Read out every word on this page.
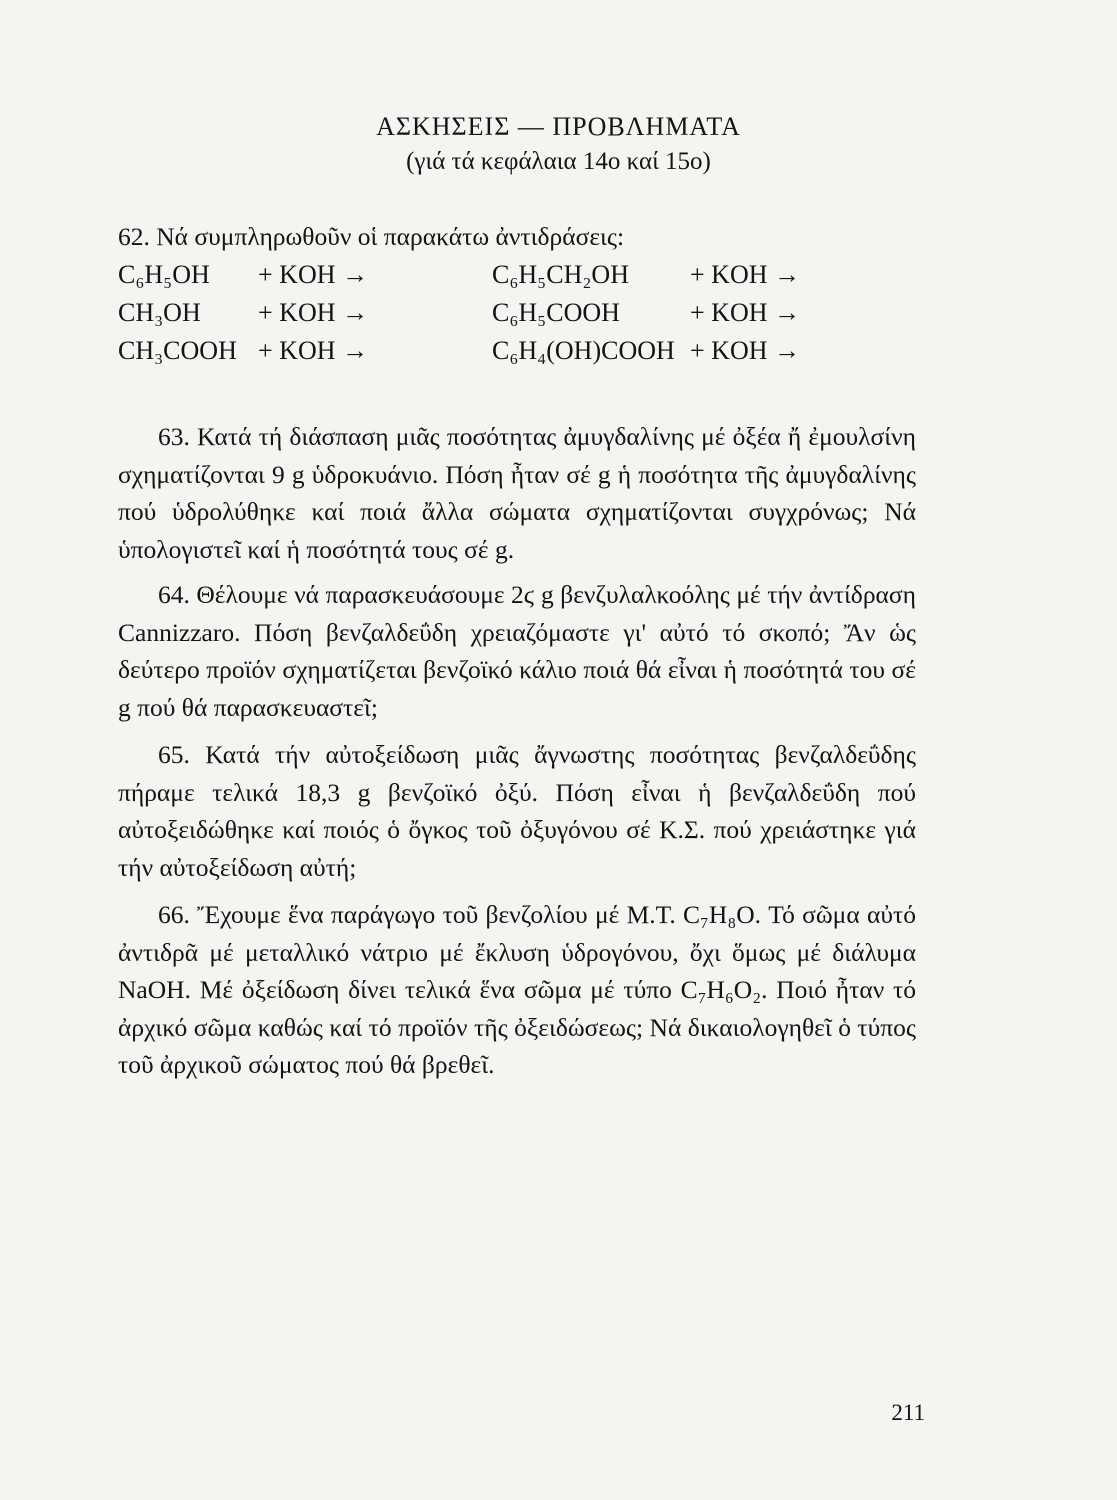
ΑΣΚΗΣΕΙΣ — ΠΡΟΒΛΗΜΑΤΑ
(γιά τά κεφάλαια 14ο καί 15ο)
62. Νά συμπληρωθοῦν οἱ παρακάτω ἀντιδράσεις:
C₆H₅OH + KOH →	C₆H₅CH₂OH + KOH →
CH₃OH + KOH →	C₆H₅COOH	+ KOH →
CH₃COOH + KOH →	C₆H₄(OH)COOH + KOH →
63. Κατά τή διάσπαση μιᾶς ποσότητας ἀμυγδαλίνης μέ ὀξέα ἤ ἐμουλσίνη σχηματίζονται 9 g ὑδροκυάνιο. Πόση ἦταν σέ g ἡ ποσότητα τῆς ἀμυγδαλίνης πού ὑδρολύθηκε καί ποιά ἄλλα σώματα σχηματίζονται συγχρόνως; Νά ὑπολογιστεῖ καί ἡ ποσότητά τους σέ g.
64. Θέλουμε νά παρασκευάσουμε 2ϛ g βενζυλαλκοόλης μέ τήν ἀντίδραση Cannizzaro. Πόση βενζαλδεΰδη χρειαζόμαστε γι' αὐτό τό σκοπό; Ἄν ὡς δεύτερο προϊόν σχηματίζεται βενζοϊκό κάλιο ποιά θά εἶναι ἡ ποσότητά του σέ g πού θά παρασκευαστεῖ;
65. Κατά τήν αὐτοξείδωση μιᾶς ἄγνωστης ποσότητας βενζαλδεΰδης πήραμε τελικά 18,3 g βενζοϊκό ὀξύ. Πόση εἶναι ἡ βενζαλδεΰδη πού αὐτοξειδώθηκε καί ποιός ὁ ὄγκος τοῦ ὀξυγόνου σέ Κ.Σ. πού χρειάστηκε γιά τήν αὐτοξείδωση αὐτή;
66. Ἔχουμε ἕνα παράγωγο τοῦ βενζολίου μέ Μ.Τ. C₇H₈O. Τό σῶμα αὐτό ἀντιδρᾶ μέ μεταλλικό νάτριο μέ ἔκλυση ὑδρογόνου, ὄχι ὅμως μέ διάλυμα NaOH. Μέ ὀξείδωση δίνει τελικά ἕνα σῶμα μέ τύπο C₇H₆O₂. Ποιό ἦταν τό ἀρχικό σῶμα καθώς καί τό προϊόν τῆς ὀξειδώσεως; Νά δικαιολογηθεῖ ὁ τύπος τοῦ ἀρχικοῦ σώματος πού θά βρεθεῖ.
211
